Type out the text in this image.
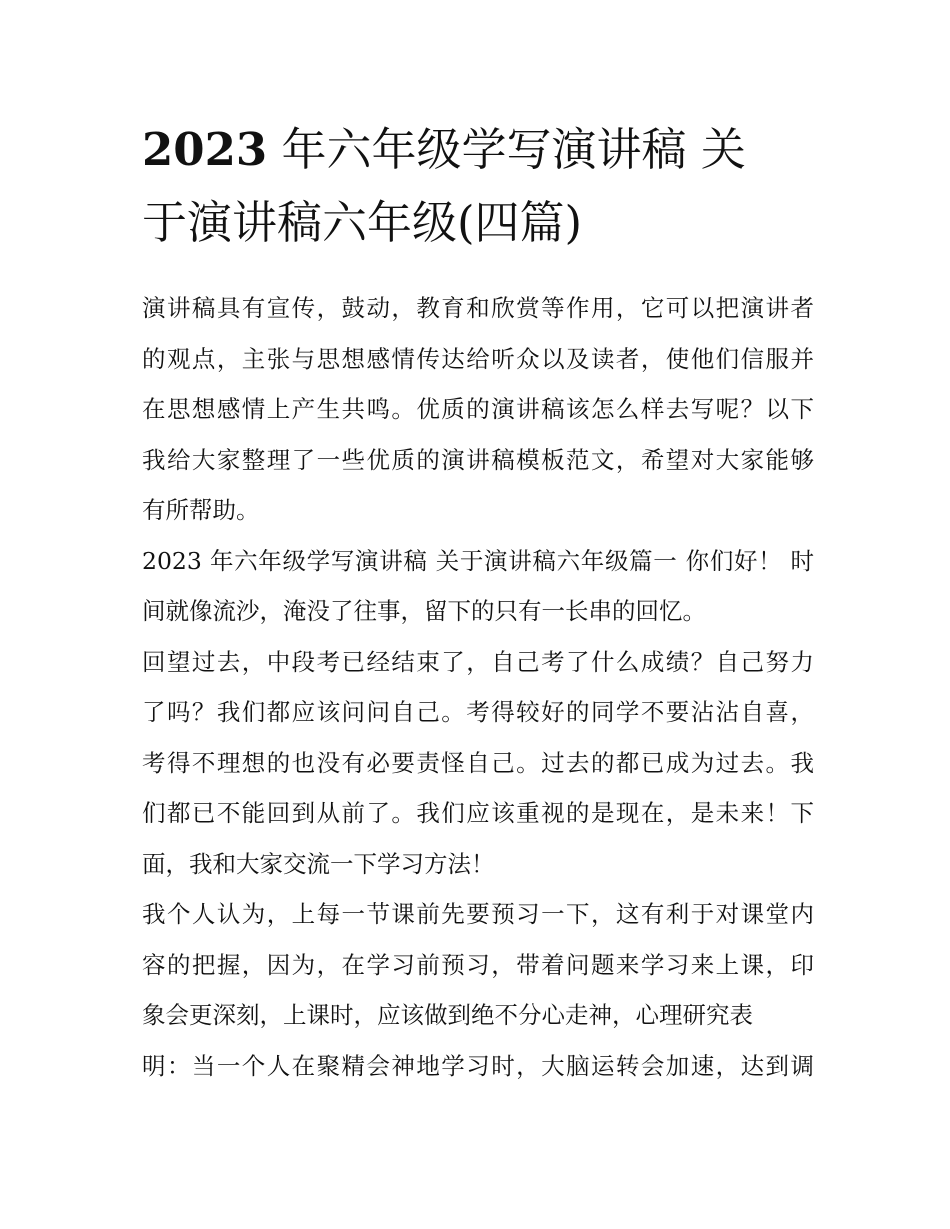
2023 年六年级学写演讲稿 关
于演讲稿六年级(四篇)

演讲稿具有宣传，鼓动，教育和欣赏等作用，它可以把演讲者
的观点，主张与思想感情传达给听众以及读者，使他们信服并
在思想感情上产生共鸣。优质的演讲稿该怎么样去写呢？以下
我给大家整理了一些优质的演讲稿模板范文，希望对大家能够
有所帮助。

2023 年六年级学写演讲稿 关于演讲稿六年级篇一 你们好！ 时
间就像流沙，淹没了往事，留下的只有一长串的回忆。

回望过去，中段考已经结束了，自己考了什么成绩？自己努力
了吗？我们都应该问问自己。考得较好的同学不要沾沾自喜，
考得不理想的也没有必要责怪自己。过去的都已成为过去。我
们都已不能回到从前了。我们应该重视的是现在，是未来！下
面，我和大家交流一下学习方法！

我个人认为，上每一节课前先要预习一下，这有利于对课堂内
容的把握，因为，在学习前预习，带着问题来学习来上课，印
象会更深刻，上课时，应该做到绝不分心走神，心理研究表
明：当一个人在聚精会神地学习时，大脑运转会加速，达到调
